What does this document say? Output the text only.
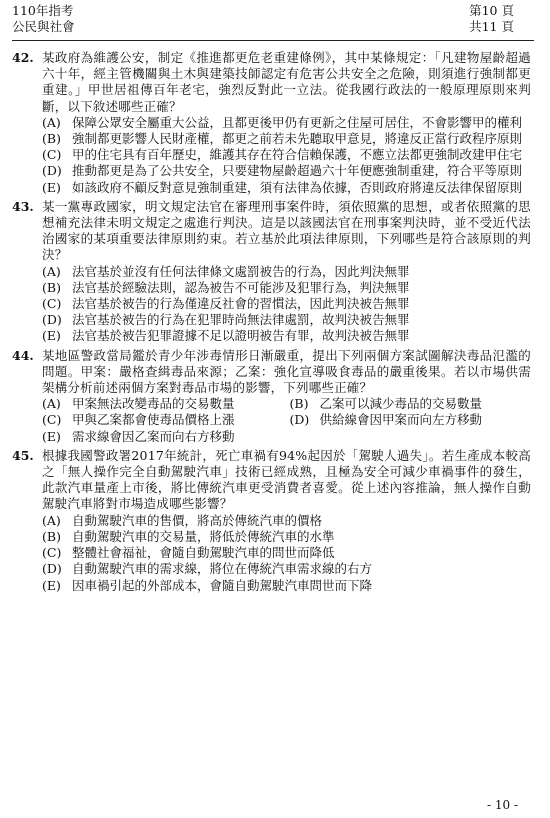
110年指考
公民與社會
第10 頁
共11 頁
42. 某政府為維護公安，制定《推進都更危老重建條例》，其中某條規定：「凡建物屋齡超過六十年，經主管機關與土木與建築技師認定有危害公共安全之危險，則須進行強制都更重建。」甲世居祖傳百年老宅，強烈反對此一立法。從我國行政法的一般原理原則來判斷，以下敘述哪些正確？
(A) 保障公眾安全屬重大公益，且都更後甲仍有更新之住屋可居住，不會影響甲的權利
(B) 強制都更影響人民財產權，都更之前若未先聽取甲意見，將違反正當行政程序原則
(C) 甲的住宅具有百年歷史，維護其存在符合信賴保護，不應立法都更強制改建甲住宅
(D) 推動都更是為了公共安全，只要建物屋齡超過六十年便應強制重建，符合平等原則
(E) 如該政府不顧反對意見強制重建，須有法律為依據，否則政府將違反法律保留原則
43. 某一黨專政國家，明文規定法官在審理刑事案件時，須依照黨的思想，或者依照黨的思想補充法律未明文規定之處進行判決。這是以該國法官在刑事案判決時，並不受近代法治國家的某項重要法律原則約束。若立基於此項法律原則，下列哪些是符合該原則的判決？
(A) 法官基於並沒有任何法律條文處罰被告的行為，因此判決無罪
(B) 法官基於經驗法則，認為被告不可能涉及犯罪行為，判決無罪
(C) 法官基於被告的行為僅違反社會的習慣法，因此判決被告無罪
(D) 法官基於被告的行為在犯罪時尚無法律處罰，故判決被告無罪
(E) 法官基於被告犯罪證據不足以證明被告有罪，故判決被告無罪
44. 某地區警政當局鑑於青少年涉毒情形日漸嚴重，提出下列兩個方案試圖解決毒品氾濫的問題。甲案：嚴格查緝毒品來源；乙案：強化宣導吸食毒品的嚴重後果。若以市場供需架構分析前述兩個方案對毒品市場的影響，下列哪些正確？
(A) 甲案無法改變毒品的交易數量	(B) 乙案可以減少毒品的交易數量
(C) 甲與乙案都會使毒品價格上漲	(D) 供給線會因甲案而向左方移動
(E) 需求線會因乙案而向右方移動
45. 根據我國警政署2017年統計，死亡車禍有94%起因於「駕駛人過失」。若生產成本較高之「無人操作完全自動駕駛汽車」技術已經成熟，且極為安全可減少車禍事件的發生，此款汽車量產上市後，將比傳統汽車更受消費者喜愛。從上述內容推論，無人操作自動駕駛汽車將對市場造成哪些影響？
(A) 自動駕駛汽車的售價，將高於傳統汽車的價格
(B) 自動駕駛汽車的交易量，將低於傳統汽車的水準
(C) 整體社會福祉，會隨自動駕駛汽車的問世而降低
(D) 自動駕駛汽車的需求線，將位在傳統汽車需求線的右方
(E) 因車禍引起的外部成本，會隨自動駕駛汽車問世而下降
- 10 -
